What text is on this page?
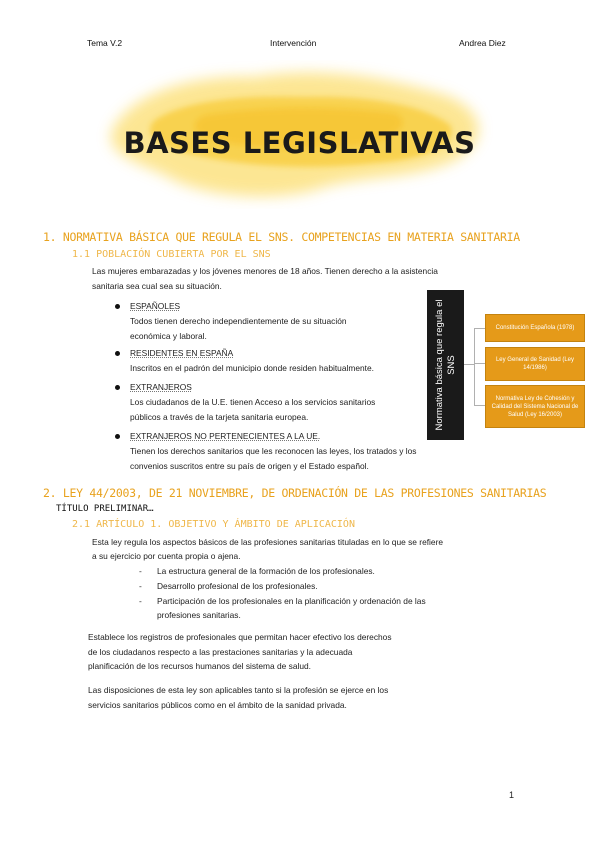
Tema V.2	Intervención	Andrea Diez
BASES LEGISLATIVAS
1. NORMATIVA BÁSICA QUE REGULA EL SNS. COMPETENCIAS EN MATERIA SANITARIA
1.1 POBLACIÓN CUBIERTA POR EL SNS
Las mujeres embarazadas y los jóvenes menores de 18 años. Tienen derecho a la asistencia
sanitaria sea cual sea su situación.
ESPAÑOLES
Todos tienen derecho independientemente de su situación
económica y laboral.
RESIDENTES EN ESPAÑA
Inscritos en el padrón del municipio donde residen habitualmente.
EXTRANJEROS
Los ciudadanos de la U.E. tienen Acceso a los servicios sanitarios
públicos a través de la tarjeta sanitaria europea.
EXTRANJEROS NO PERTENECIENTES A LA UE.
Tienen los derechos sanitarios que les reconocen las leyes, los tratados y los
convenios suscritos entre su país de origen y el Estado español.
Normativa básica que regula el SNS
Constitución Española (1978)
Ley General de Sanidad (Ley 14/1986)
Normativa Ley de Cohesión y Calidad del Sistema Nacional de Salud (Ley 16/2003)
2. LEY 44/2003, DE 21 NOVIEMBRE, DE ORDENACIÓN DE LAS PROFESIONES SANITARIAS
TÍTULO PRELIMINAR…
2.1 ARTÍCULO 1. OBJETIVO Y ÁMBITO DE APLICACIÓN
Esta ley regula los aspectos básicos de las profesiones sanitarias tituladas en lo que se refiere
a su ejercicio por cuenta propia o ajena.
- La estructura general de la formación de los profesionales.
- Desarrollo profesional de los profesionales.
- Participación de los profesionales en la planificación y ordenación de las
profesiones sanitarias.
Establece los registros de profesionales que permitan hacer efectivo los derechos
de los ciudadanos respecto a las prestaciones sanitarias y la adecuada
planificación de los recursos humanos del sistema de salud.
Las disposiciones de esta ley son aplicables tanto si la profesión se ejerce en los
servicios sanitarios públicos como en el ámbito de la sanidad privada.
1
